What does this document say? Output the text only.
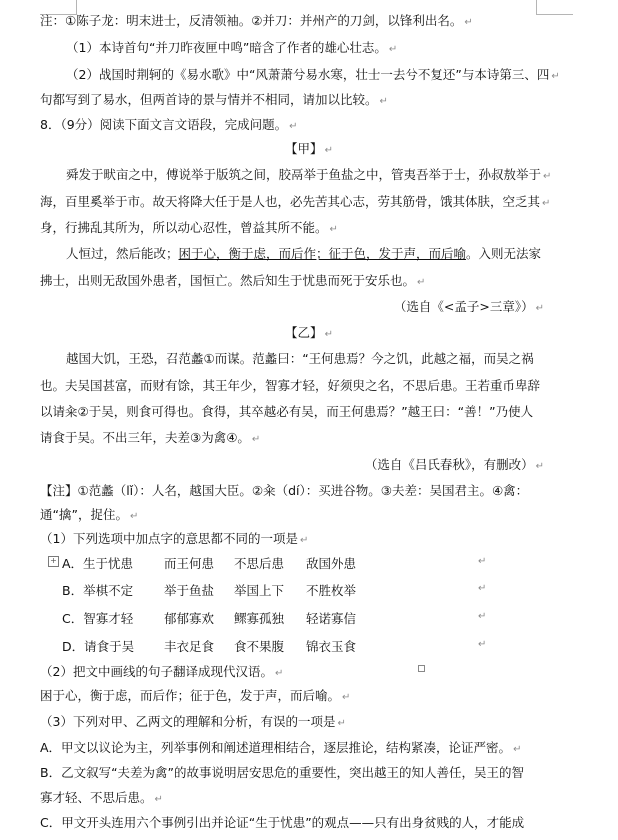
注：①陈子龙：明末进士，反清领袖。②并刀：并州产的刀剑，以锋利出名。 ↵
（1）本诗首句“并刀昨夜匣中鸣”暗含了作者的雄心壮志。 ↵
（2）战国时荆轲的《易水歌》中“风萧萧兮易水寒，壮士一去兮不复还”与本诗第三、四 ↵
句都写到了易水，但两首诗的景与情并不相同，请加以比较。 ↵
8．（9分）阅读下面文言文语段，完成问题。 ↵
【甲】 ↵
舜发于畎亩之中，傅说举于版筑之间，胶鬲举于鱼盐之中，管夷吾举于士，孙叔敖举于 ↵
海，百里奚举于市。故天将降大任于是人也，必先苦其心志，劳其筋骨，饿其体肤，空乏其 ↵
身，行拂乱其所为，所以动心忍性，曾益其所不能。 ↵
人恒过，然后能改；困于心，衡于虑，而后作；征于色，发于声，而后喻。入则无法家
拂士，出则无敌国外患者，国恒亡。然后知生于忧患而死于安乐也。 ↵
（选自《<孟子>三章》） ↵
【乙】 ↵
越国大饥，王恐，召范蠡①而谋。范蠡曰：“王何患焉？今之饥，此越之福，而吴之祸
也。夫吴国甚富，而财有馀，其王年少，智寡才轻，好须臾之名，不思后患。王若重币卑辞
以请籴②于吴，则食可得也。食得，其卒越必有吴，而王何患焉？”越王曰：“善！”乃使人
请食于吴。不出三年，夫差③为禽④。 ↵
（选自《吕氏春秋》，有删改） ↵
【注】①范蠡（lǐ）：人名，越国大臣。②籴（dí）：买进谷物。③夫差：吴国君主。④禽：
通“擒”，捉住。 ↵
（1）下列选项中加点字的意思都不同的一项是 ↵
+ A．生于忧患 而王何患 不思后患 敌国外患	↵
B．举棋不定 举于鱼盐 举国上下 不胜枚举	↵
C．智寡才轻 郁郁寡欢 鳏寡孤独 轻诺寡信	↵
D．请食于吴 丰衣足食 食不果腹 锦衣玉食	↵
（2）把文中画线的句子翻译成现代汉语。 ↵
困于心，衡于虑，而后作；征于色，发于声，而后喻。 ↵
（3）下列对甲、乙两文的理解和分析，有误的一项是 ↵
A．甲文以议论为主，列举事例和阐述道理相结合，逐层推论，结构紧凑，论证严密。 ↵
B．乙文叙写“夫差为禽”的故事说明居安思危的重要性，突出越王的知人善任，吴王的智
寡才轻、不思后患。 ↵
C．甲文开头连用六个事例引出并论证“生于忧患”的观点——只有出身贫贱的人，才能成
